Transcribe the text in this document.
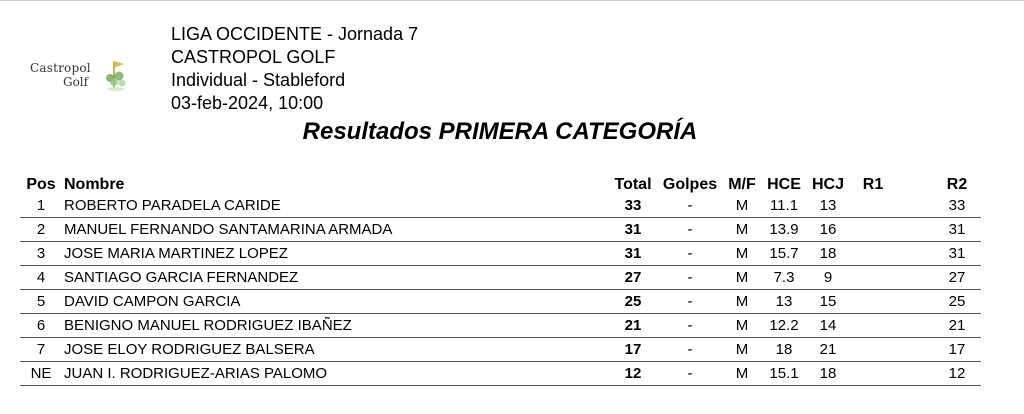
Castropol
Golf
LIGA OCCIDENTE - Jornada 7
CASTROPOL GOLF
Individual - Stableford
03-feb-2024, 10:00
Resultados PRIMERA CATEGORÍA
Pos	Nombre	Total	Golpes	M/F	HCE	HCJ	R1		R2
1	ROBERTO PARADELA CARIDE	33	-	M	11.1	13			33
2	MANUEL FERNANDO SANTAMARINA ARMADA	31	-	M	13.9	16			31
3	JOSE MARIA MARTINEZ LOPEZ	31	-	M	15.7	18			31
4	SANTIAGO GARCIA FERNANDEZ	27	-	M	7.3	9			27
5	DAVID CAMPON GARCIA	25	-	M	13	15			25
6	BENIGNO MANUEL RODRIGUEZ IBAÑEZ	21	-	M	12.2	14			21
7	JOSE ELOY RODRIGUEZ BALSERA	17	-	M	18	21			17
NE	JUAN I. RODRIGUEZ-ARIAS PALOMO	12	-	M	15.1	18			12
